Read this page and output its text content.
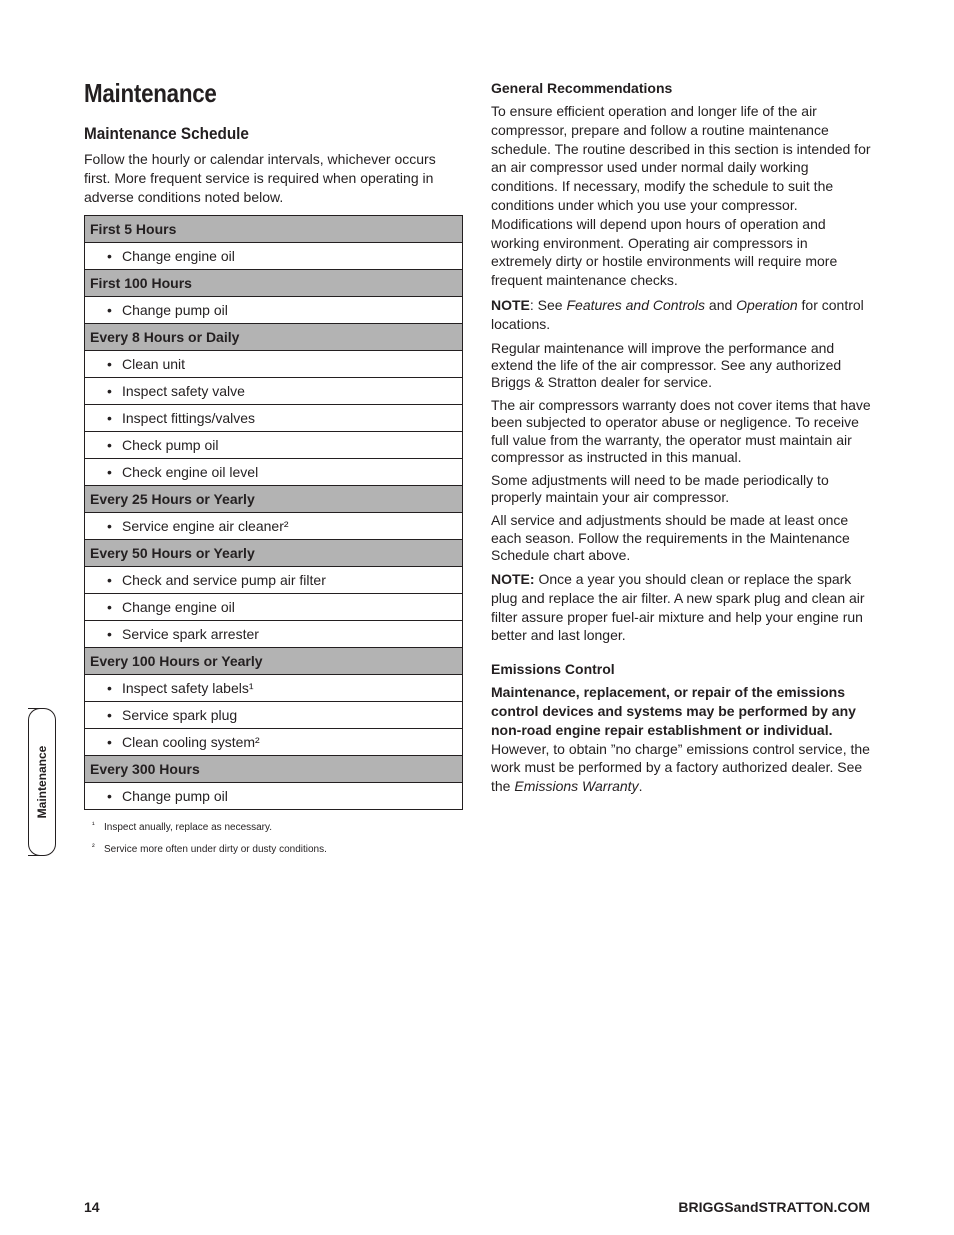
Maintenance
Maintenance Schedule

Follow the hourly or calendar intervals, whichever occurs first. More frequent service is required when operating in adverse conditions noted below.

First 5 Hours
• Change engine oil
First 100 Hours
• Change pump oil
Every 8 Hours or Daily
• Clean unit
• Inspect safety valve
• Inspect fittings/valves
• Check pump oil
• Check engine oil level
Every 25 Hours or Yearly
• Service engine air cleaner²
Every 50 Hours or Yearly
• Check and service pump air filter
• Change engine oil
• Service spark arrester
Every 100 Hours or Yearly
• Inspect safety labels¹
• Service spark plug
• Clean cooling system²
Every 300 Hours
• Change pump oil
¹ Inspect anually, replace as necessary.
² Service more often under dirty or dusty conditions.
General Recommendations

To ensure efficient operation and longer life of the air compressor, prepare and follow a routine maintenance schedule. The routine described in this section is intended for an air compressor used under normal daily working conditions. If necessary, modify the schedule to suit the conditions under which you use your compressor. Modifications will depend upon hours of operation and working environment. Operating air compressors in extremely dirty or hostile environments will require more frequent maintenance checks.

NOTE: See Features and Controls and Operation for control locations.

Regular maintenance will improve the performance and extend the life of the air compressor. See any authorized Briggs & Stratton dealer for service.

The air compressors warranty does not cover items that have been subjected to operator abuse or negligence. To receive full value from the warranty, the operator must maintain air compressor as instructed in this manual.

Some adjustments will need to be made periodically to properly maintain your air compressor.

All service and adjustments should be made at least once each season. Follow the requirements in the Maintenance Schedule chart above.

NOTE: Once a year you should clean or replace the spark plug and replace the air filter. A new spark plug and clean air filter assure proper fuel-air mixture and help your engine run better and last longer.

Emissions Control

Maintenance, replacement, or repair of the emissions control devices and systems may be performed by any non-road engine repair establishment or individual. However, to obtain ”no charge” emissions control service, the work must be performed by a factory authorized dealer. See the Emissions Warranty.

Maintenance
14	BRIGGSandSTRATTON.COM
